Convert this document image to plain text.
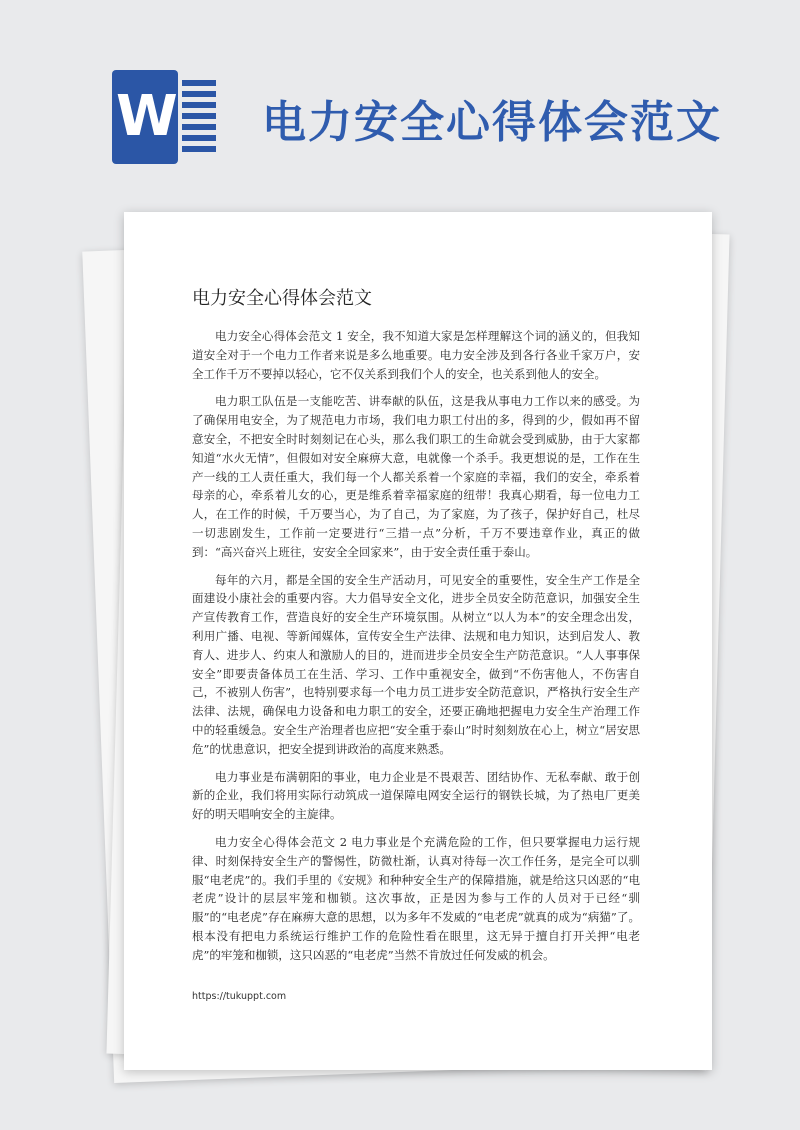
W 电力安全心得体会范文
电力安全心得体会范文

电力安全心得体会范文 1 安全，我不知道大家是怎样理解这个词的涵义的，但我知道安全对于一个电力工作者来说是多么地重要。电力安全涉及到各行各业千家万户，安全工作千万不要掉以轻心，它不仅关系到我们个人的安全，也关系到他人的安全。

电力职工队伍是一支能吃苦、讲奉献的队伍，这是我从事电力工作以来的感受。为了确保用电安全，为了规范电力市场，我们电力职工付出的多，得到的少，假如再不留意安全，不把安全时时刻刻记在心头，那么我们职工的生命就会受到威胁，由于大家都知道“水火无情”，但假如对安全麻痹大意，电就像一个杀手。我更想说的是，工作在生产一线的工人责任重大，我们每一个人都关系着一个家庭的幸福，我们的安全，牵系着母亲的心，牵系着儿女的心，更是维系着幸福家庭的纽带！我真心期看，每一位电力工人，在工作的时候，千万要当心，为了自己，为了家庭，为了孩子，保护好自己，杜尽一切悲剧发生，工作前一定要进行“三措一点”分析，千万不要违章作业，真正的做到：“高兴奋兴上班往，安安全全回家来”，由于安全责任重于泰山。

每年的六月，都是全国的安全生产活动月，可见安全的重要性，安全生产工作是全面建设小康社会的重要内容。大力倡导安全文化，进步全员安全防范意识，加强安全生产宣传教育工作，营造良好的安全生产环境氛围。从树立“以人为本”的安全理念出发，利用广播、电视、等新闻媒体，宣传安全生产法律、法规和电力知识，达到启发人、教育人、进步人、约束人和激励人的目的，进而进步全员安全生产防范意识。“人人事事保安全”即要责备体员工在生活、学习、工作中重视安全，做到“不伤害他人，不伤害自己，不被别人伤害”，也特别要求每一个电力员工进步安全防范意识，严格执行安全生产法律、法规，确保电力设备和电力职工的安全，还要正确地把握电力安全生产治理工作中的轻重缓急。安全生产治理者也应把“安全重于泰山”时时刻刻放在心上，树立“居安思危”的忧患意识，把安全提到讲政治的高度来熟悉。

电力事业是布满朝阳的事业，电力企业是不畏艰苦、团结协作、无私奉献、敢于创新的企业，我们将用实际行动筑成一道保障电网安全运行的钢铁长城，为了热电厂更美好的明天唱响安全的主旋律。

电力安全心得体会范文 2 电力事业是个充满危险的工作，但只要掌握电力运行规律、时刻保持安全生产的警惕性，防微杜渐，认真对待每一次工作任务，是完全可以驯服“电老虎”的。我们手里的《安规》和种种安全生产的保障措施，就是给这只凶恶的“电老虎”设计的层层牢笼和枷锁。这次事故，正是因为参与工作的人员对于已经“驯服”的“电老虎”存在麻痹大意的思想，以为多年不发威的“电老虎”就真的成为“病猫”了。根本没有把电力系统运行维护工作的危险性看在眼里，这无异于擅自打开关押“电老虎”的牢笼和枷锁，这只凶恶的“电老虎”当然不肯放过任何发威的机会。

https://tukuppt.com
